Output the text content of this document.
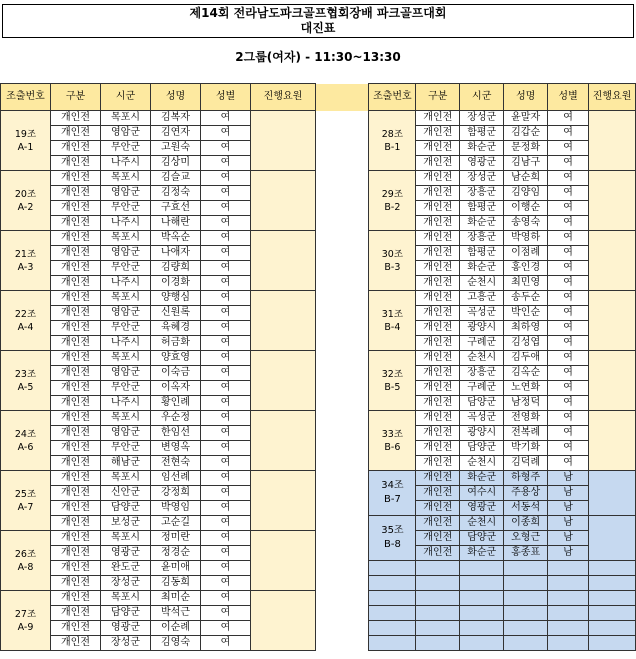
제14회 전라남도파크골프협회장배 파크골프대회
대진표
2그룹(여자) - 11:30~13:30
조출번호	구분	시군	성명	성별	진행요원	

19조
A-1	개인전	목포시	김복자	여		
	개인전	영암군	김연자	여		
	개인전	무안군	고원숙	여		
	개인전	나주시	김상미	여		

20조
A-2	개인전	목포시	김슬교	여		
	개인전	영암군	김정숙	여		
	개인전	무안군	구효선	여		
	개인전	나주시	나해란	여		

21조
A-3	개인전	목포시	박옥순	여		
	개인전	영암군	나애자	여		
	개인전	무안군	김량희	여		
	개인전	나주시	이경화	여		

22조
A-4	개인전	목포시	양행심	여		
	개인전	영암군	신원록	여		
	개인전	무안군	육혜경	여		
	개인전	나주시	허금화	여		

23조
A-5	개인전	목포시	양효영	여		
	개인전	영암군	이숙금	여		
	개인전	무안군	이옥자	여		
	개인전	나주시	황인례	여		

24조
A-6	개인전	목포시	우순정	여		
	개인전	영암군	한임선	여		
	개인전	무안군	변영옥	여		
	개인전	해남군	전현숙	여		

25조
A-7	개인전	목포시	임선례	여		
	개인전	신안군	강정희	여		
	개인전	담양군	박영임	여		
	개인전	보성군	고순길	여		

26조
A-8	개인전	목포시	정미란	여		
	개인전	영광군	정경순	여		
	개인전	완도군	윤미애	여		
	개인전	장성군	김동희	여		

27조
A-9	개인전	목포시	최미순	여		
	개인전	담양군	박석근	여		
	개인전	영광군	이순례	여		
	개인전	장성군	김영숙	여		
	조출번호	구분	시군	성명	성별	진행요원

	28조
B-1	개인전	장성군	윤말자	여	
		개인전	함평군	김갑순	여	
		개인전	화순군	문정화	여	
		개인전	영광군	김남구	여	

	29조
B-2	개인전	장성군	남순희	여	
		개인전	장흥군	김양임	여	
		개인전	함평군	이행순	여	
		개인전	화순군	송영숙	여	

	30조
B-3	개인전	장흥군	박영하	여	
		개인전	함평군	이점례	여	
		개인전	화순군	홍인경	여	
		개인전	순천시	최민영	여	

	31조
B-4	개인전	고흥군	송두순	여	
		개인전	곡성군	박인순	여	
		개인전	광양시	최하영	여	
		개인전	구례군	김성엽	여	

	32조
B-5	개인전	순천시	김두애	여	
		개인전	장흥군	김옥순	여	
		개인전	구례군	노연화	여	
		개인전	담양군	남정덕	여	

	33조
B-6	개인전	곡성군	전영화	여	
		개인전	광양시	전복례	여	
		개인전	담양군	박기화	여	
		개인전	순천시	김덕례	여	

	34조
B-7	개인전	화순군	하형주	남	
		개인전	여수시	주용상	남	
		개인전	영광군	서동석	남	

	35조
B-8	개인전	순천시	이종희	남	
		개인전	담양군	오형근	남	
		개인전	화순군	홍종표	남	
